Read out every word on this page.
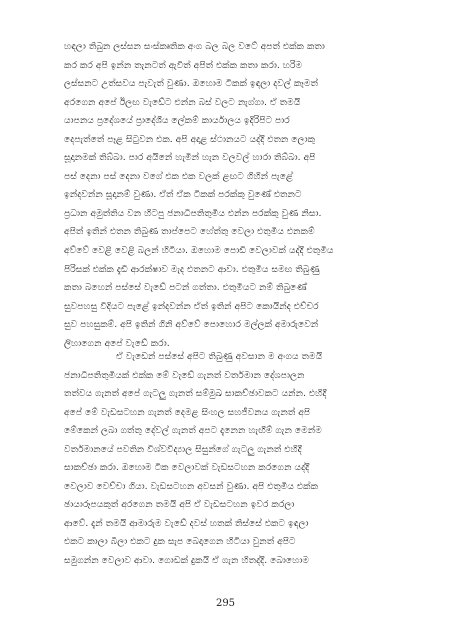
හඳලා තිබුන ලස්සන සංස්කෘතික අංග බල බල වටේ අපත් එක්ක කතා
කර කර අපි ඉන්න තැනටත් ඇවිත් අපිත් එක්ක කතා කරා. හරිම
ලස්සනට උත්සවය පැවැත් වුණා. ඔහොම ටිකක් ඉඳලා දවල් කෑමත්
අරගෙන අපේ ඊලඟ වැඩේට එන්න බස් වලට නැග්ගා. ඒ තමයි
යාපනය ප්‍රදේශයේ ප්‍රාදේශීය ලේකම් කාර්යාලය ඉදිරිපිට පාර
දෙපැත්තේ පෑළ සිටුවන එක. අපි අදාළ ස්ථානයට යද්දී එතන ලොකු
සූදානමක් තිබ්බා. පාර අයිනේ හැමින් හැන වලවල් හාරා තිබ්බා. අපි
පස් දෙනා පස් දෙනා වගේ එක එක වලක් ළඟට ගිහින් පැළේ
ඉන්දවන්න සූදානම් වුණා. ඒත් ඒක ටිකක් පරක්කු වුණේ එතනට
ප්‍රධාන අමුත්තිය වන හිටපු ජනාධිපතිතුමිය එන්න පරක්කු වුණ නිසා.
අපිත් ඉතින් එතන තිබුණ තාප්පෙට හේත්තු වෙලා එතුමිය එනකම්
අව්වේ වෙළි වෙළි බලන් හිටියා. ඔහොම පොඩි වෙලාවක් යද්දී එතුමිය
පිරිසක් එක්ක දැඩි ආරක්ෂාව මැද එතනට ආවා. එතුමිය සමඟ තිබුණු
කතා බහෙන් පස්සේ වැඩේ පටන් ගත්තා. එතුමියට නම් තිබුණේ
සුවපහසු විදියට පැළේ ඉන්දවන්න ඒත් ඉතින් අපිට කොයින්ද එච්චර
සුව පහසුකම්. අපි ඉතින් ගිනි අව්වේ පොහොර මල්ලක් අමාරුවෙන්
ලිහාගෙන අපේ වැඩේ කරා.
ඒ වැඩෙන් පස්සේ අපිට තිබුණු අවසාන ම අංගය තමයි
ජනාධිපතිතුමියක් එක්ක මේ වැඩේ ගැනත් වර්තමාන දේශපාලන
තත්වය ගැනත් අපේ ගැටලු ගැනත් සම්මුඛ සාකච්ඡාවකට යන්න. එහිදී
අපේ මේ වැඩසටහන ගැනත් දෙමළ සිංහල සහජීවනය ගැනත් අපි
මේකෙන් ලබා ගත්තු දේවල් ගැනත් අපට දැනෙන හැඟීම් ගැන මෙන්ම
වර්තමානයේ පවතින විශ්වවිද්‍යාල සිසුන්ගේ ගැටලු ගැනත් එහිදී
සාකච්ඡා කරා. ඔහොම ටික වෙලාවක් වැඩසටහන කරගෙන යද්දී
වෙලාව වෙච්චා ගියා. වැඩසටහන අවසන් වුණා. අපි එතුමිය එක්ක
ඡායාරූපයකුත් අරගෙන තමයි අපි ඒ වැඩසටහන ඉවර කරලා
ආවේ. දැන් තමයි ආමාරුම වැඩේ දවස් හතක් තිස්සේ එකට ඉඳලා
එකට කාලා බීලා එකට දුක සැප බෙදාගෙන හිටියා වුනත් අපිට
සමුගන්න වෙලාව ආවා. ගොඩක් දුකයි ඒ ගැන හිතද්දී. බොහොම
295
